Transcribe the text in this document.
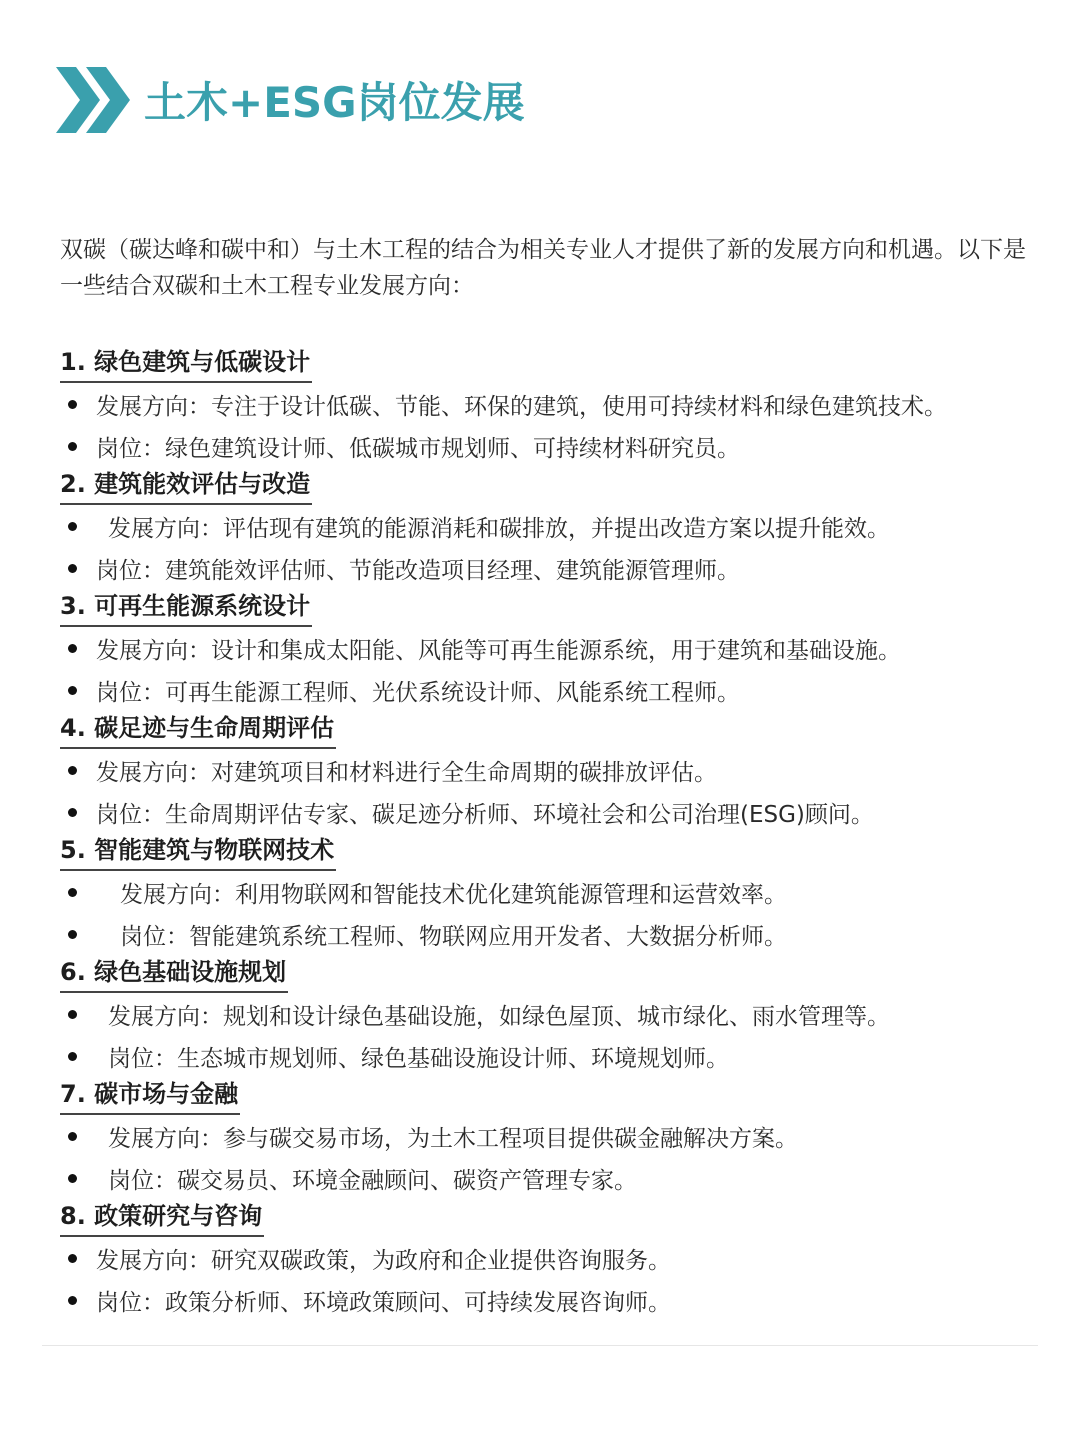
土木+ESG岗位发展
双碳（碳达峰和碳中和）与土木工程的结合为相关专业人才提供了新的发展方向和机遇。以下是一些结合双碳和土木工程专业发展方向：
1. 绿色建筑与低碳设计
发展方向：专注于设计低碳、节能、环保的建筑，使用可持续材料和绿色建筑技术。
岗位：绿色建筑设计师、低碳城市规划师、可持续材料研究员。
2. 建筑能效评估与改造
发展方向：评估现有建筑的能源消耗和碳排放，并提出改造方案以提升能效。
岗位：建筑能效评估师、节能改造项目经理、建筑能源管理师。
3. 可再生能源系统设计
发展方向：设计和集成太阳能、风能等可再生能源系统，用于建筑和基础设施。
岗位：可再生能源工程师、光伏系统设计师、风能系统工程师。
4. 碳足迹与生命周期评估
发展方向：对建筑项目和材料进行全生命周期的碳排放评估。
岗位：生命周期评估专家、碳足迹分析师、环境社会和公司治理(ESG)顾问。
5. 智能建筑与物联网技术
发展方向：利用物联网和智能技术优化建筑能源管理和运营效率。
岗位：智能建筑系统工程师、物联网应用开发者、大数据分析师。
6. 绿色基础设施规划
发展方向：规划和设计绿色基础设施，如绿色屋顶、城市绿化、雨水管理等。
岗位：生态城市规划师、绿色基础设施设计师、环境规划师。
7. 碳市场与金融
发展方向：参与碳交易市场，为土木工程项目提供碳金融解决方案。
岗位：碳交易员、环境金融顾问、碳资产管理专家。
8. 政策研究与咨询
发展方向：研究双碳政策，为政府和企业提供咨询服务。
岗位：政策分析师、环境政策顾问、可持续发展咨询师。
